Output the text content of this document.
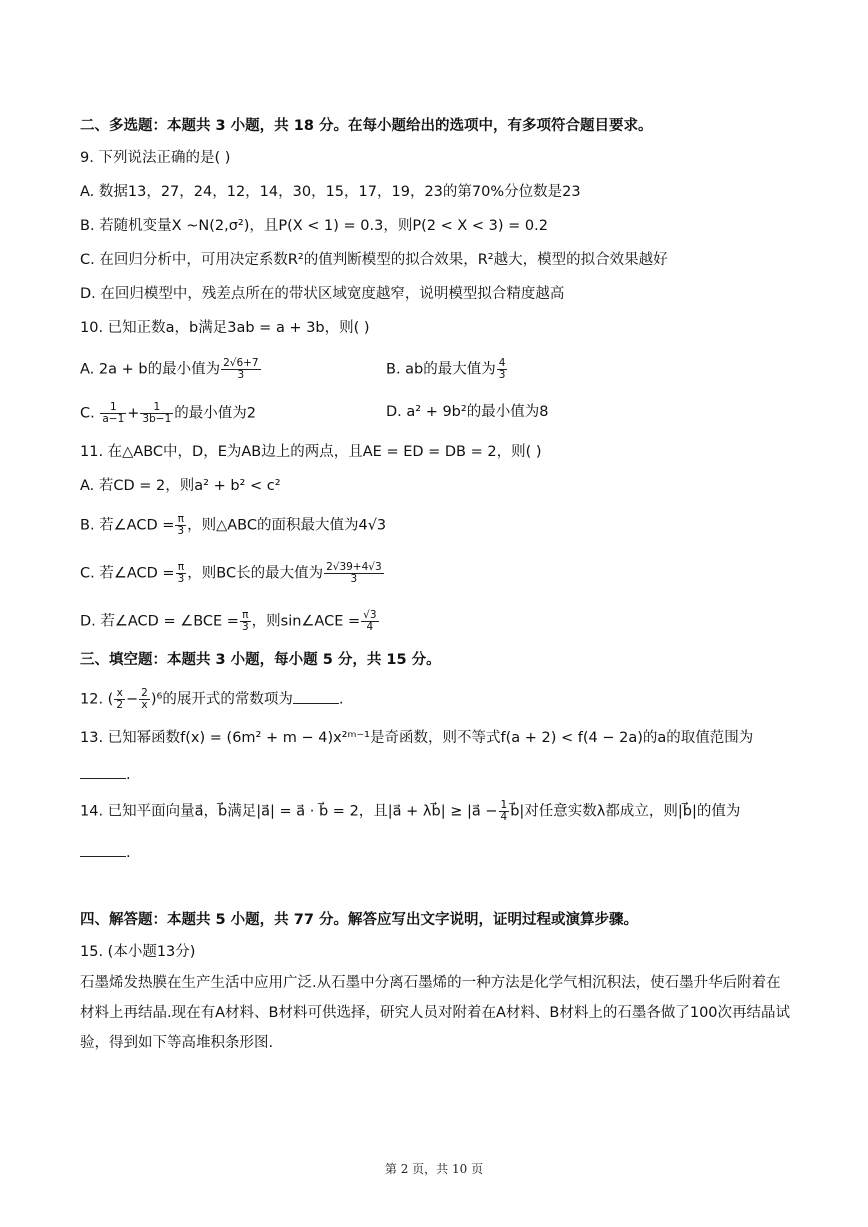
二、多选题：本题共 3 小题，共 18 分。在每小题给出的选项中，有多项符合题目要求。
9. 下列说法正确的是( )
A. 数据13，27，24，12，14，30，15，17，19，23的第70%分位数是23
B. 若随机变量X ~N(2,σ²)，且P(X < 1) = 0.3，则P(2 < X < 3) = 0.2
C. 在回归分析中，可用决定系数R²的值判断模型的拟合效果，R²越大，模型的拟合效果越好
D. 在回归模型中，残差点所在的带状区域宽度越窄，说明模型拟合精度越高
10. 已知正数a，b满足3ab = a + 3b，则( )
A. 2a + b的最小值为 $\frac{2√6+7}{3}$	B. ab的最大值为 $\frac{4}{3}$
C. $\frac{1}{a-1} + \frac{1}{3b-1}$ 的最小值为2	D. a² + 9b²的最小值为8
11. 在△ABC中，D，E为AB边上的两点，且AE = ED = DB = 2，则( )
A. 若CD = 2，则a² + b² < c²
B. 若∠ACD = $\frac{\pi}{3}$ ，则△ABC的面积最大值为4√3
C. 若∠ACD = $\frac{\pi}{3}$ ，则BC长的最大值为 $\frac{2√39+4√3}{3}$
D. 若∠ACD = ∠BCE = $\frac{\pi}{3}$ ，则sin∠ACE = $\frac{√3}{4}$
三、填空题：本题共 3 小题，每小题 5 分，共 15 分。
12. ( $\frac{x}{2} - \frac{2}{x} )^6$的展开式的常数项为	.
13. 已知幂函数f(x) = (6m² + m − 4)x²ᵐ⁻¹是奇函数，则不等式f(a + 2) < f(4 − 2a)的a的取值范围为
.
14. 已知平面向量a⃗，b⃗满足|a⃗| = a⃗ · b⃗ = 2，且|a⃗ + λb⃗| ≥ |a⃗ − $\frac{1}{4}$ b⃗|对任意实数λ都成立，则|b⃗|的值为
.
四、解答题：本题共 5 小题，共 77 分。解答应写出文字说明，证明过程或演算步骤。
15. (本小题13分)
石墨烯发热膜在生产生活中应用广泛.从石墨中分离石墨烯的一种方法是化学气相沉积法，使石墨升华后附着在材料上再结晶.现在有A材料、B材料可供选择，研究人员对附着在A材料、B材料上的石墨各做了100次再结晶试验，得到如下等高堆积条形图.
第 2 页，共 10 页
